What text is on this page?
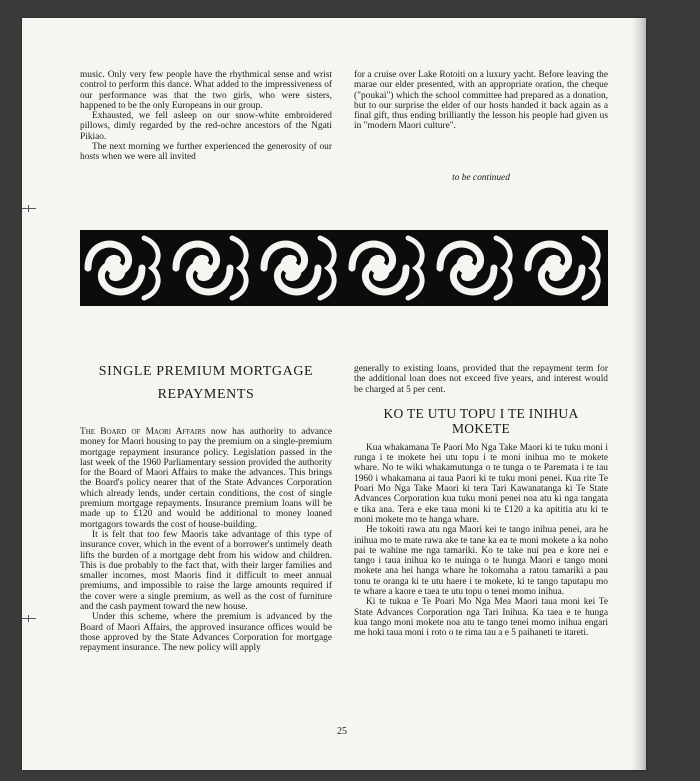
music. Only very few people have the rhythmical sense and wrist control to perform this dance. What added to the impressiveness of our performance was that the two girls, who were sisters, happened to be the only Europeans in our group.

Exhausted, we fell asleep on our snow-white embroidered pillows, dimly regarded by the red-ochre ancestors of the Ngati Pikiao.

The next morning we further experienced the generosity of our hosts when we were all invited

for a cruise over Lake Rotoiti on a luxury yacht. Before leaving the marae our elder presented, with an appropriate oration, the cheque ("poukai") which the school committee had prepared as a donation, but to our surprise the elder of our hosts handed it back again as a final gift, thus ending brilliantly the lesson his people had given us in "modern Maori culture".

to be continued
SINGLE PREMIUM MORTGAGE
REPAYMENTS

The Board of Maori Affairs now has authority to advance money for Maori housing to pay the premium on a single-premium mortgage repayment insurance policy. Legislation passed in the last week of the 1960 Parliamentary session provided the authority for the Board of Maori Affairs to make the advances. This brings the Board's policy nearer that of the State Advances Corporation which already lends, under certain conditions, the cost of single premium mortgage repayments. Insurance premium loans will be made up to £120 and would be additional to money loaned mortgagors towards the cost of house-building.

It is felt that too few Maoris take advantage of this type of insurance cover, which in the event of a borrower's untimely death lifts the burden of a mortgage debt from his widow and children. This is due probably to the fact that, with their larger families and smaller incomes, most Maoris find it difficult to meet annual premiums, and impossible to raise the large amounts required if the cover were a single premium, as well as the cost of furniture and the cash payment toward the new house.

Under this scheme, where the premium is advanced by the Board of Maori Affairs, the approved insurance offices would be those approved by the State Advances Corporation for mortgage repayment insurance. The new policy will apply

generally to existing loans, provided that the repayment term for the additional loan does not exceed five years, and interest would be charged at 5 per cent.

KO TE UTU TOPU I TE INIHUA MOKETE

Kua whakamana Te Paori Mo Nga Take Maori ki te tuku moni i runga i te mokete hei utu topu i te moni inihua mo te mokete whare. No te wiki whakamutunga o te tunga o te Paremata i te tau 1960 i whakamana ai taua Paori ki te tuku moni penei. Kua rite Te Poari Mo Nga Take Maori ki tera Tari Kawanatanga ki Te State Advances Corporation kua tuku moni penei noa atu ki nga tangata e tika ana. Tera e eke taua moni ki te £120 a ka apititia atu ki te moni mokete mo te hanga whare.

He tokoiti rawa atu nga Maori kei te tango inihua penei, ara he inihua mo te mate rawa ake te tane ka ea te moni mokete a ka noho pai te wahine me nga tamariki. Ko te take nui pea e kore nei e tango i taua inihua ko te nuinga o te hunga Maori e tango moni mokete ana hei hanga whare he tokomaha a ratou tamariki a pau tonu te oranga ki te utu haere i te mokete, ki te tango taputapu mo te whare a kaore e taea te utu topu o tenei momo inihua.

Ki te tukua e Te Poari Mo Nga Mea Maori taua moni kei Te State Advances Corporation nga Tari Inihua. Ka taea e te hunga kua tango moni mokete noa atu te tango tenei momo inihua engari me hoki taua moni i roto o te rima tau a e 5 paihaneti te itareti.

25
